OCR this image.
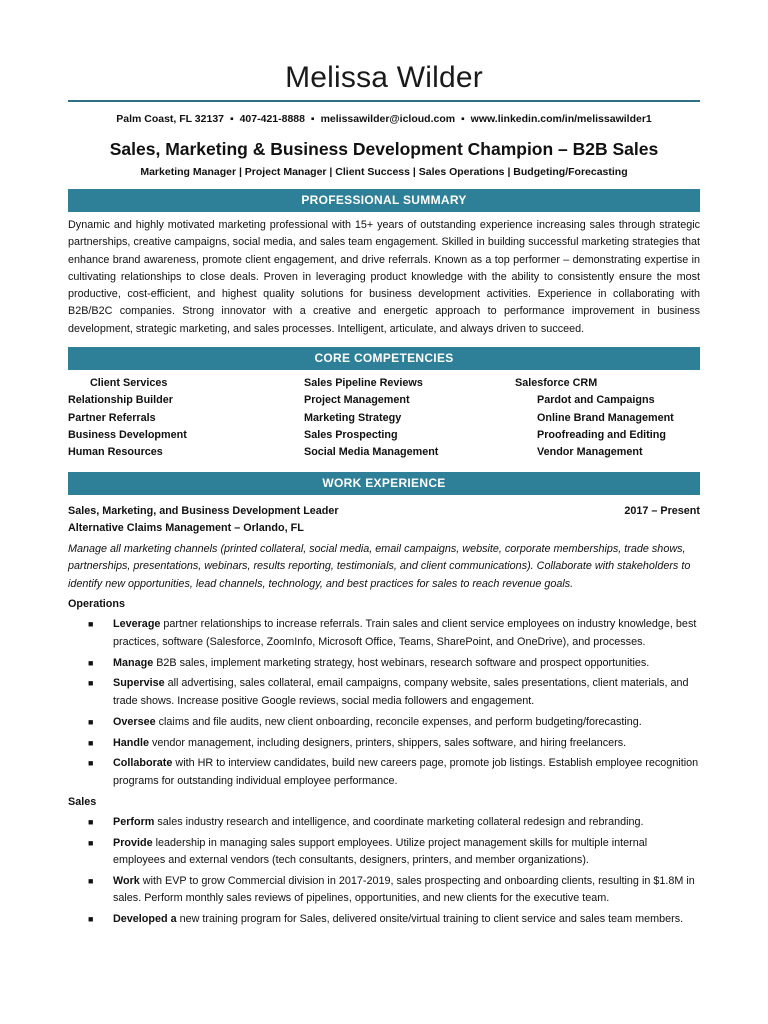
Melissa Wilder
Palm Coast, FL 32137 ▪ 407-421-8888 ▪ melissawilder@icloud.com ▪ www.linkedin.com/in/melissawilder1
Sales, Marketing & Business Development Champion – B2B Sales
Marketing Manager | Project Manager | Client Success | Sales Operations | Budgeting/Forecasting
PROFESSIONAL SUMMARY
Dynamic and highly motivated marketing professional with 15+ years of outstanding experience increasing sales through strategic partnerships, creative campaigns, social media, and sales team engagement. Skilled in building successful marketing strategies that enhance brand awareness, promote client engagement, and drive referrals. Known as a top performer – demonstrating expertise in cultivating relationships to close deals. Proven in leveraging product knowledge with the ability to consistently ensure the most productive, cost-efficient, and highest quality solutions for business development activities. Experience in collaborating with B2B/B2C companies. Strong innovator with a creative and energetic approach to performance improvement in business development, strategic marketing, and sales processes. Intelligent, articulate, and always driven to succeed.
CORE COMPETENCIES
Client Services
Relationship Builder
Partner Referrals
Business Development
Human Resources
Sales Pipeline Reviews
Project Management
Marketing Strategy
Sales Prospecting
Social Media Management
Salesforce CRM
Pardot and Campaigns
Online Brand Management
Proofreading and Editing
Vendor Management
WORK EXPERIENCE
Sales, Marketing, and Business Development Leader	2017 – Present
Alternative Claims Management – Orlando, FL
Manage all marketing channels (printed collateral, social media, email campaigns, website, corporate memberships, trade shows, partnerships, presentations, webinars, results reporting, testimonials, and client communications). Collaborate with stakeholders to identify new opportunities, lead channels, technology, and best practices for sales to reach revenue goals.
Operations
■ Leverage partner relationships to increase referrals. Train sales and client service employees on industry knowledge, best practices, software (Salesforce, ZoomInfo, Microsoft Office, Teams, SharePoint, and OneDrive), and processes.
■ Manage B2B sales, implement marketing strategy, host webinars, research software and prospect opportunities.
■ Supervise all advertising, sales collateral, email campaigns, company website, sales presentations, client materials, and trade shows. Increase positive Google reviews, social media followers and engagement.
■ Oversee claims and file audits, new client onboarding, reconcile expenses, and perform budgeting/forecasting.
■ Handle vendor management, including designers, printers, shippers, sales software, and hiring freelancers.
■ Collaborate with HR to interview candidates, build new careers page, promote job listings. Establish employee recognition programs for outstanding individual employee performance.
Sales
■ Perform sales industry research and intelligence, and coordinate marketing collateral redesign and rebranding.
■ Provide leadership in managing sales support employees. Utilize project management skills for multiple internal employees and external vendors (tech consultants, designers, printers, and member organizations).
■ Work with EVP to grow Commercial division in 2017-2019, sales prospecting and onboarding clients, resulting in $1.8M in sales. Perform monthly sales reviews of pipelines, opportunities, and new clients for the executive team.
■ Developed a new training program for Sales, delivered onsite/virtual training to client service and sales team members.
